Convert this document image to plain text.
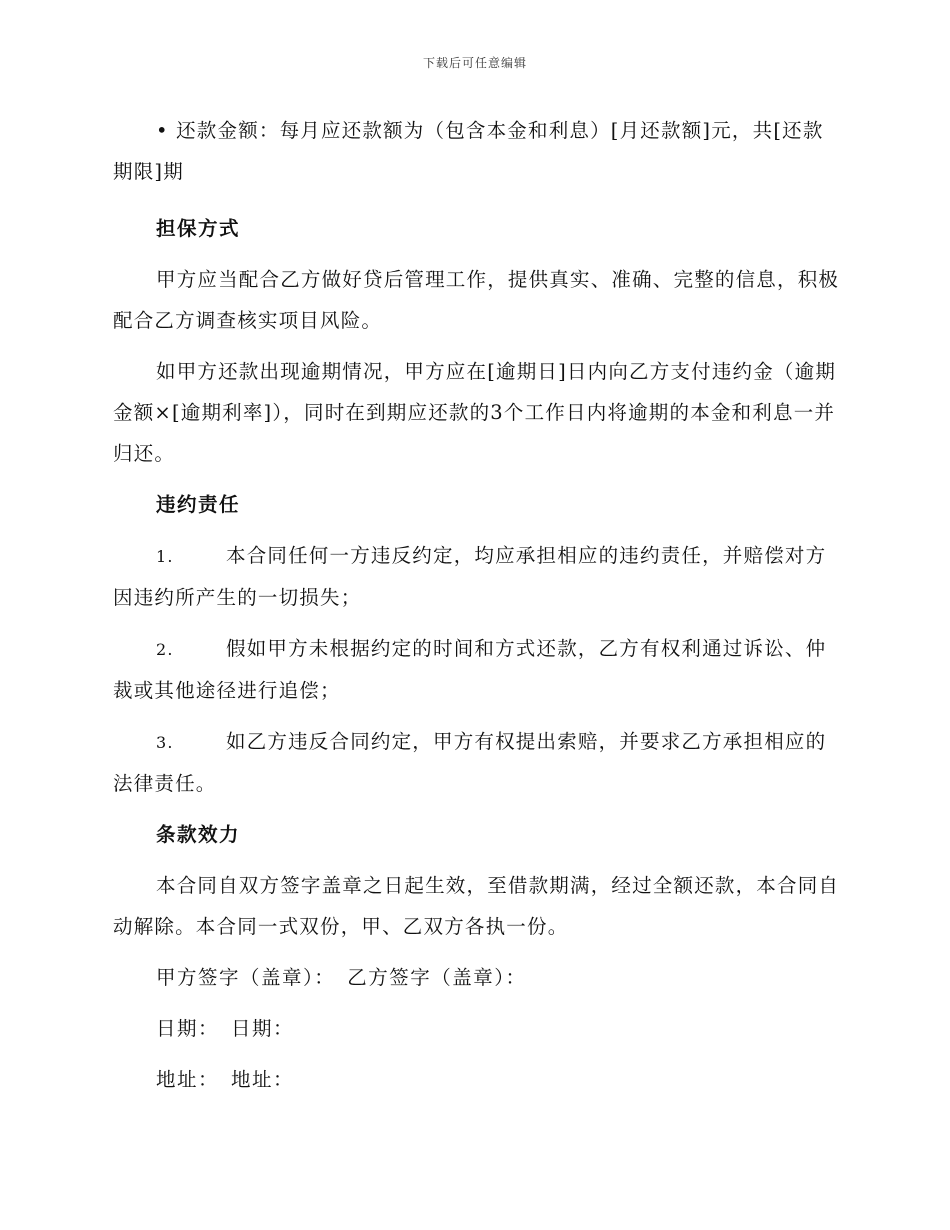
下载后可任意编辑

• 还款金额：每月应还款额为（包含本金和利息）[月还款额]元，共[还款期限]期

担保方式

甲方应当配合乙方做好贷后管理工作，提供真实、准确、完整的信息，积极配合乙方调查核实项目风险。

如甲方还款出现逾期情况，甲方应在[逾期日]日内向乙方支付违约金（逾期金额×[逾期利率]），同时在到期应还款的3个工作日内将逾期的本金和利息一并归还。

违约责任

1.	本合同任何一方违反约定，均应承担相应的违约责任，并赔偿对方因违约所产生的一切损失；

2.	假如甲方未根据约定的时间和方式还款，乙方有权利通过诉讼、仲裁或其他途径进行追偿；

3.	如乙方违反合同约定，甲方有权提出索赔，并要求乙方承担相应的法律责任。

条款效力

本合同自双方签字盖章之日起生效，至借款期满，经过全额还款，本合同自动解除。本合同一式双份，甲、乙双方各执一份。

甲方签字（盖章）： 乙方签字（盖章）：
日期： 日期：
地址： 地址：
